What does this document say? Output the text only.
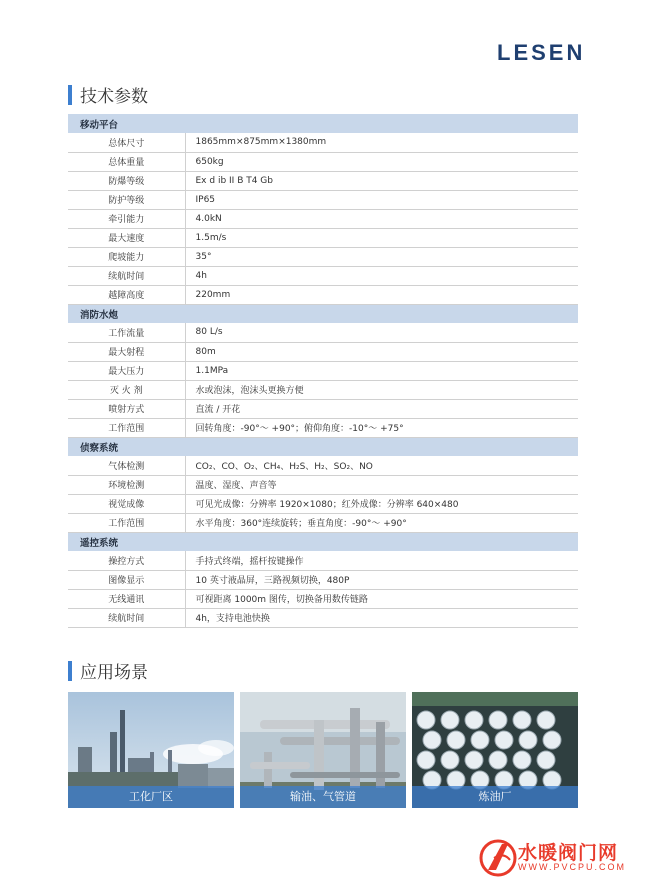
LESEN
技术参数
移动平台	
总体尺寸	1865mm×875mm×1380mm
总体重量	650kg
防爆等级	Ex d ib II B T4 Gb
防护等级	IP65
牵引能力	4.0kN
最大速度	1.5m/s
爬坡能力	35°
续航时间	4h
越障高度	220mm
消防水炮	
工作流量	80 L/s
最大射程	80m
最大压力	1.1MPa
灭 火 剂	水或泡沫，泡沫头更换方便
喷射方式	直流 / 开花
工作范围	回转角度：-90°～ +90°；俯仰角度：-10°～ +75°
侦察系统	
气体检测	CO₂、CO、O₂、CH₄、H₂S、H₂、SO₂、NO
环境检测	温度、湿度、声音等
视觉成像	可见光成像：分辨率 1920×1080；红外成像：分辨率 640×480
工作范围	水平角度：360°连续旋转；垂直角度：-90°～ +90°
遥控系统	
操控方式	手持式终端，摇杆按键操作
图像显示	10 英寸液晶屏，三路视频切换，480P
无线通讯	可视距离 1000m 图传，切换备用数传链路
续航时间	4h，支持电池快换
应用场景
工化厂区	输油、气管道	炼油厂
水暖阀门网
WWW.PVCPU.COM
